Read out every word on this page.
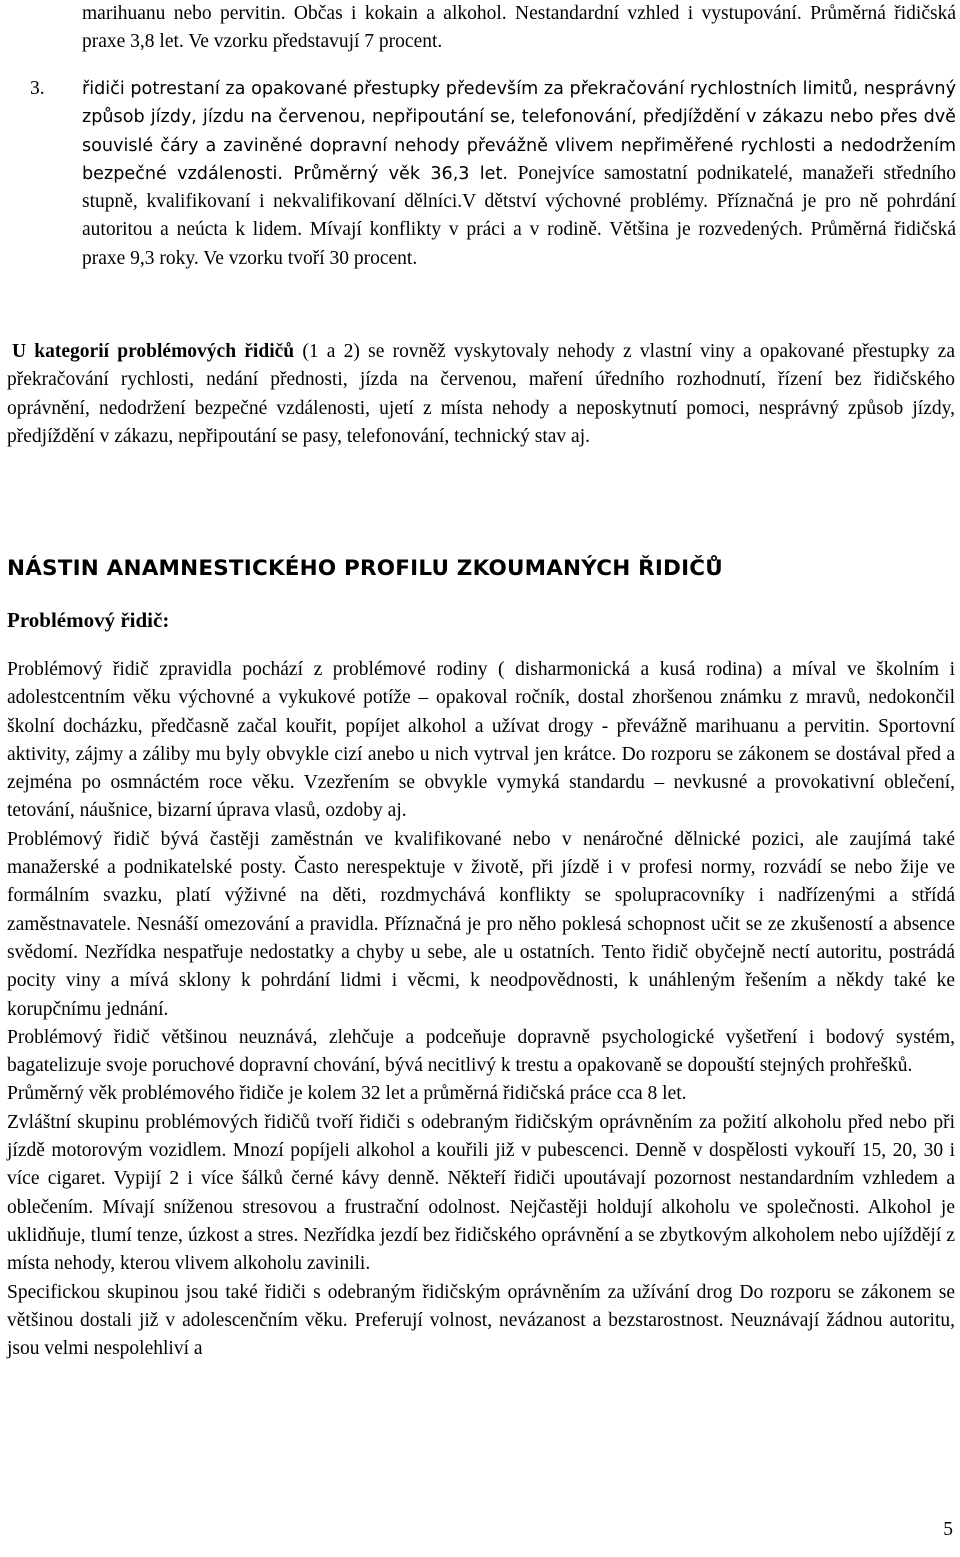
marihuanu nebo pervitin. Občas i kokain a alkohol. Nestandardní vzhled i vystupování. Průměrná řidičská praxe 3,8 let. Ve vzorku představují 7 procent.
3. řidiči potrestaní za opakované přestupky především za překračování rychlostních limitů, nesprávný způsob jízdy, jízdu na červenou, nepřipoutání se, telefonování, předjíždění v zákazu nebo přes dvě souvislé čáry a zaviněné dopravní nehody převážně vlivem nepřiměřené rychlosti a nedodržením bezpečné vzdálenosti. Průměrný věk 36,3 let. Ponejvíce samostatní podnikatelé, manažeři středního stupně, kvalifikovaní i nekvalifikovaní dělníci.V dětství výchovné problémy. Příznačná je pro ně pohrdání autoritou a neúcta k lidem. Mívají konflikty v práci a v rodině. Většina je rozvedených. Průměrná řidičská praxe 9,3 roky. Ve vzorku tvoří 30 procent.

U kategorií problémových řidičů (1 a 2) se rovněž vyskytovaly nehody z vlastní viny a opakované přestupky za překračování rychlosti, nedání přednosti, jízda na červenou, maření úředního rozhodnutí, řízení bez řidičského oprávnění, nedodržení bezpečné vzdálenosti, ujetí z místa nehody a neposkytnutí pomoci, nesprávný způsob jízdy, předjíždění v zákazu, nepřipoutání se pasy, telefonování, technický stav aj.

NÁSTIN ANAMNESTICKÉHO PROFILU ZKOUMANÝCH ŘIDIČŮ
Problémový řidič:

Problémový řidič zpravidla pochází z problémové rodiny ( disharmonická a kusá rodina) a míval ve školním i adolestcentním věku výchovné a vykukové potíže – opakoval ročník, dostal zhoršenou známku z mravů, nedokončil školní docházku, předčasně začal kouřit, popíjet alkohol a užívat drogy - převážně marihuanu a pervitin. Sportovní aktivity, zájmy a záliby mu byly obvykle cizí anebo u nich vytrval jen krátce. Do rozporu se zákonem se dostával před a zejména po osmnáctém roce věku. Vzezřením se obvykle vymyká standardu – nevkusné a provokativní oblečení, tetování, náušnice, bizarní úprava vlasů, ozdoby aj.

Problémový řidič bývá častěji zaměstnán ve kvalifikované nebo v nenáročné dělnické pozici, ale zaujímá také manažerské a podnikatelské posty. Často nerespektuje v životě, při jízdě i v profesi normy, rozvádí se nebo žije ve formálním svazku, platí výživné na děti, rozdmychává konflikty se spolupracovníky i nadřízenými a střídá zaměstnavatele. Nesnáší omezování a pravidla. Příznačná je pro něho poklesá schopnost učit se ze zkušeností a absence svědomí. Nezřídka nespatřuje nedostatky a chyby u sebe, ale u ostatních. Tento řidič obyčejně nectí autoritu, postrádá pocity viny a mívá sklony k pohrdání lidmi i věcmi, k neodpovědnosti, k unáhleným řešením a někdy také ke korupčnímu jednání.

Problémový řidič většinou neuznává, zlehčuje a podceňuje dopravně psychologické vyšetření i bodový systém, bagatelizuje svoje poruchové dopravní chování, bývá necitlivý k trestu a opakovaně se dopouští stejných prohřešků.

Průměrný věk problémového řidiče je kolem 32 let a průměrná řidičská práce cca 8 let.

Zvláštní skupinu problémových řidičů tvoří řidiči s odebraným řidičským oprávněním za požití alkoholu před nebo při jízdě motorovým vozidlem. Mnozí popíjeli alkohol a kouřili již v pubescenci. Denně v dospělosti vykouří 15, 20, 30 i více cigaret. Vypijí 2 i více šálků černé kávy denně. Někteří řidiči upoutávají pozornost nestandardním vzhledem a oblečením. Mívají sníženou stresovou a frustrační odolnost. Nejčastěji holdují alkoholu ve společnosti. Alkohol je uklidňuje, tlumí tenze, úzkost a stres. Nezřídka jezdí bez řidičského oprávnění a se zbytkovým alkoholem nebo ujíždějí z místa nehody, kterou vlivem alkoholu zavinili.

Specifickou skupinou jsou také řidiči s odebraným řidičským oprávněním za užívání drog Do rozporu se zákonem se většinou dostali již v adolescenčním věku. Preferují volnost, nevázanost a bezstarostnost. Neuznávají žádnou autoritu, jsou velmi nespolehliví a

5
